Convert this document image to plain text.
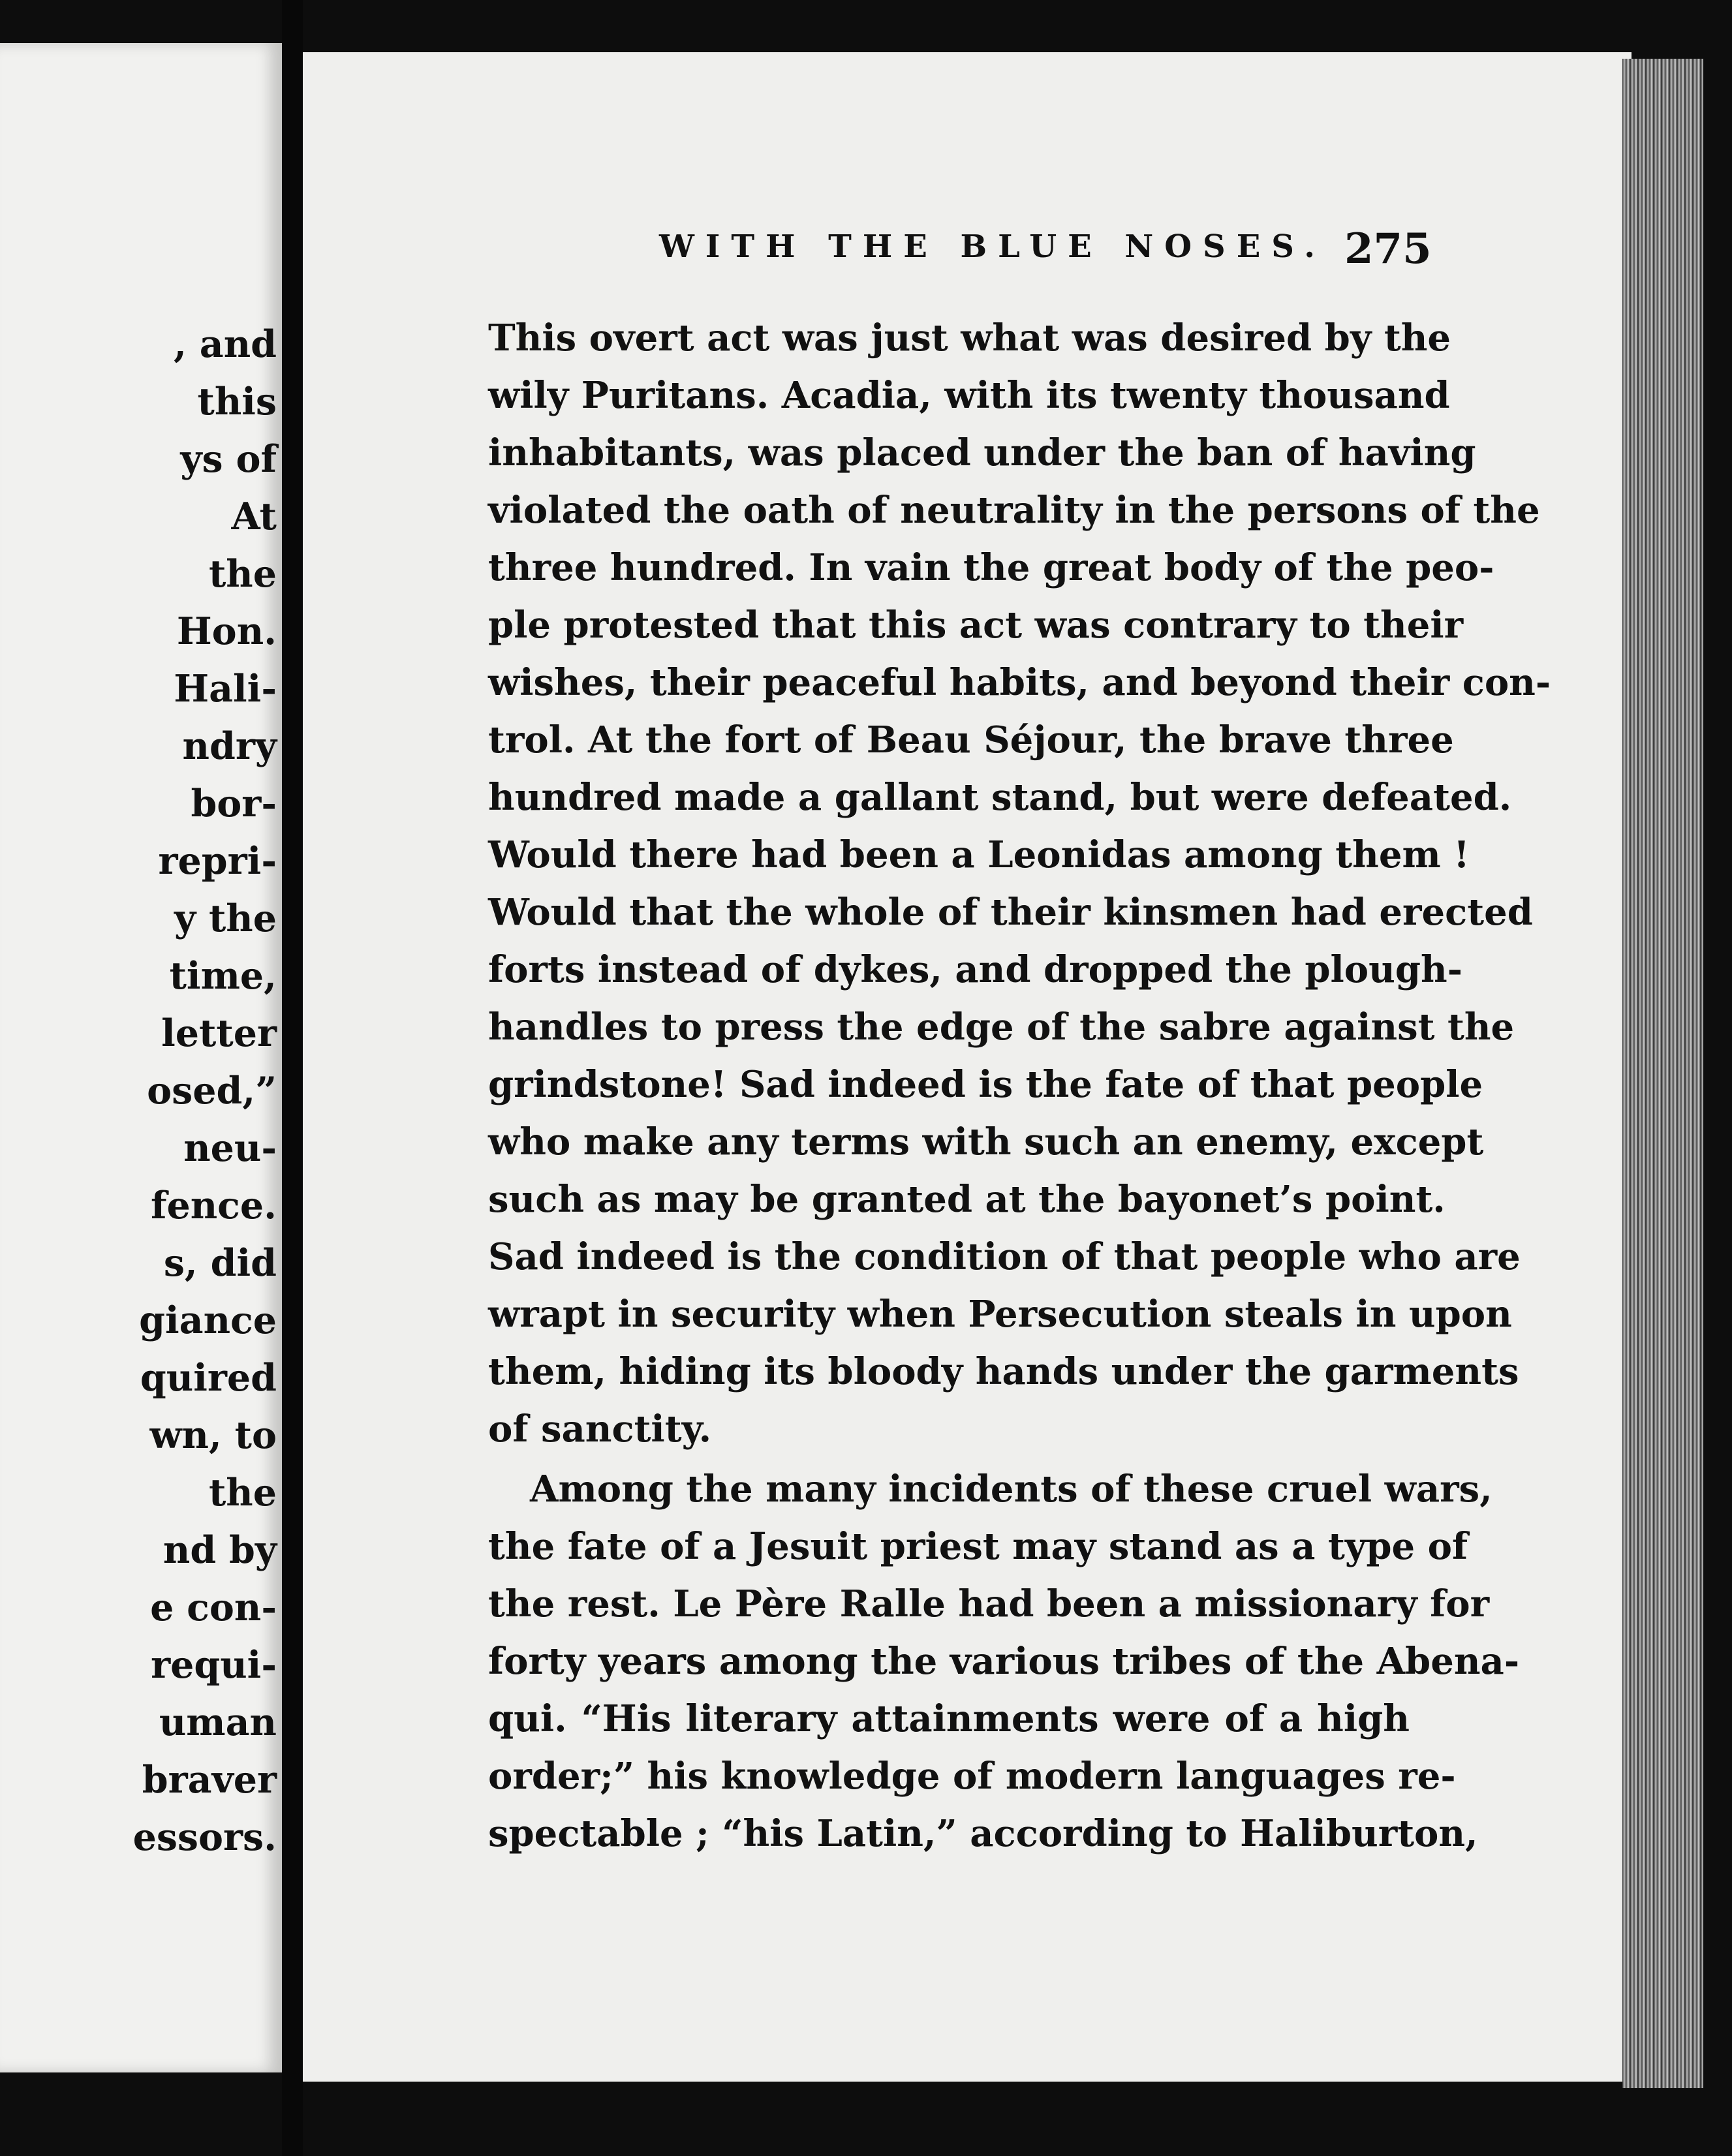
, and
this
ys of
At
the
Hon.
Hali-
ndry
bor-
repri-
y the
time,
letter
osed,”
neu-
fence.
s, did
giance
quired
wn, to
the
nd by
e con-
requi-
uman
braver
essors.
WITH THE BLUE NOSES. 275
This overt act was just what was desired by the
wily Puritans. Acadia, with its twenty thousand
inhabitants, was placed under the ban of having
violated the oath of neutrality in the persons of the
three hundred. In vain the great body of the peo-
ple protested that this act was contrary to their
wishes, their peaceful habits, and beyond their con-
trol. At the fort of Beau Séjour, the brave three
hundred made a gallant stand, but were defeated.
Would there had been a Leonidas among them !
Would that the whole of their kinsmen had erected
forts instead of dykes, and dropped the plough-
handles to press the edge of the sabre against the
grindstone! Sad indeed is the fate of that people
who make any terms with such an enemy, except
such as may be granted at the bayonet’s point.
Sad indeed is the condition of that people who are
wrapt in security when Persecution steals in upon
them, hiding its bloody hands under the garments
of sanctity.
Among the many incidents of these cruel wars,
the fate of a Jesuit priest may stand as a type of
the rest. Le Père Ralle had been a missionary for
forty years among the various tribes of the Abena-
qui. “His literary attainments were of a high
order;” his knowledge of modern languages re-
spectable ; “his Latin,” according to Haliburton,
